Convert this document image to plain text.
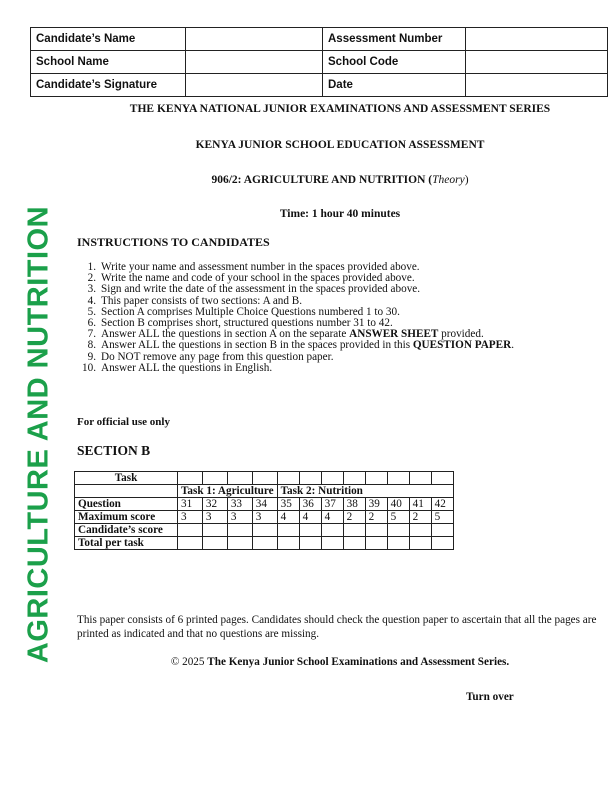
Candidate’s Name		Assessment Number	
School Name		School Code	
Candidate’s Signature		Date	
THE KENYA NATIONAL JUNIOR EXAMINATIONS AND ASSESSMENT SERIES
KENYA JUNIOR SCHOOL EDUCATION ASSESSMENT
906/2: AGRICULTURE AND NUTRITION (Theory)
Time: 1 hour 40 minutes
AGRICULTURE AND NUTRITION INSTRUCTIONS TO CANDIDATES
1. Write your name and assessment number in the spaces provided above.
2. Write the name and code of your school in the spaces provided above.
3. Sign and write the date of the assessment in the spaces provided above.
4. This paper consists of two sections: A and B.
5. Section A comprises Multiple Choice Questions numbered 1 to 30.
6. Section B comprises short, structured questions number 31 to 42.
7. Answer ALL the questions in section A on the separate ANSWER SHEET provided.
8. Answer ALL the questions in section B in the spaces provided in this QUESTION PAPER.
9. Do NOT remove any page from this question paper.
10. Answer ALL the questions in English.
For official use only
SECTION B
Task												
	Task 1: Agriculture				Task 2: Nutrition							
Question	31	32	33	34	35	36	37	38	39	40	41	42
Maximum score	3	3	3	3	4	4	4	2	2	5	2	5
Candidate’s score												
Total per task												
This paper consists of 6 printed pages. Candidates should check the question paper to ascertain that all the pages are printed as indicated and that no questions are missing.
© 2025 The Kenya Junior School Examinations and Assessment Series.
Turn over
